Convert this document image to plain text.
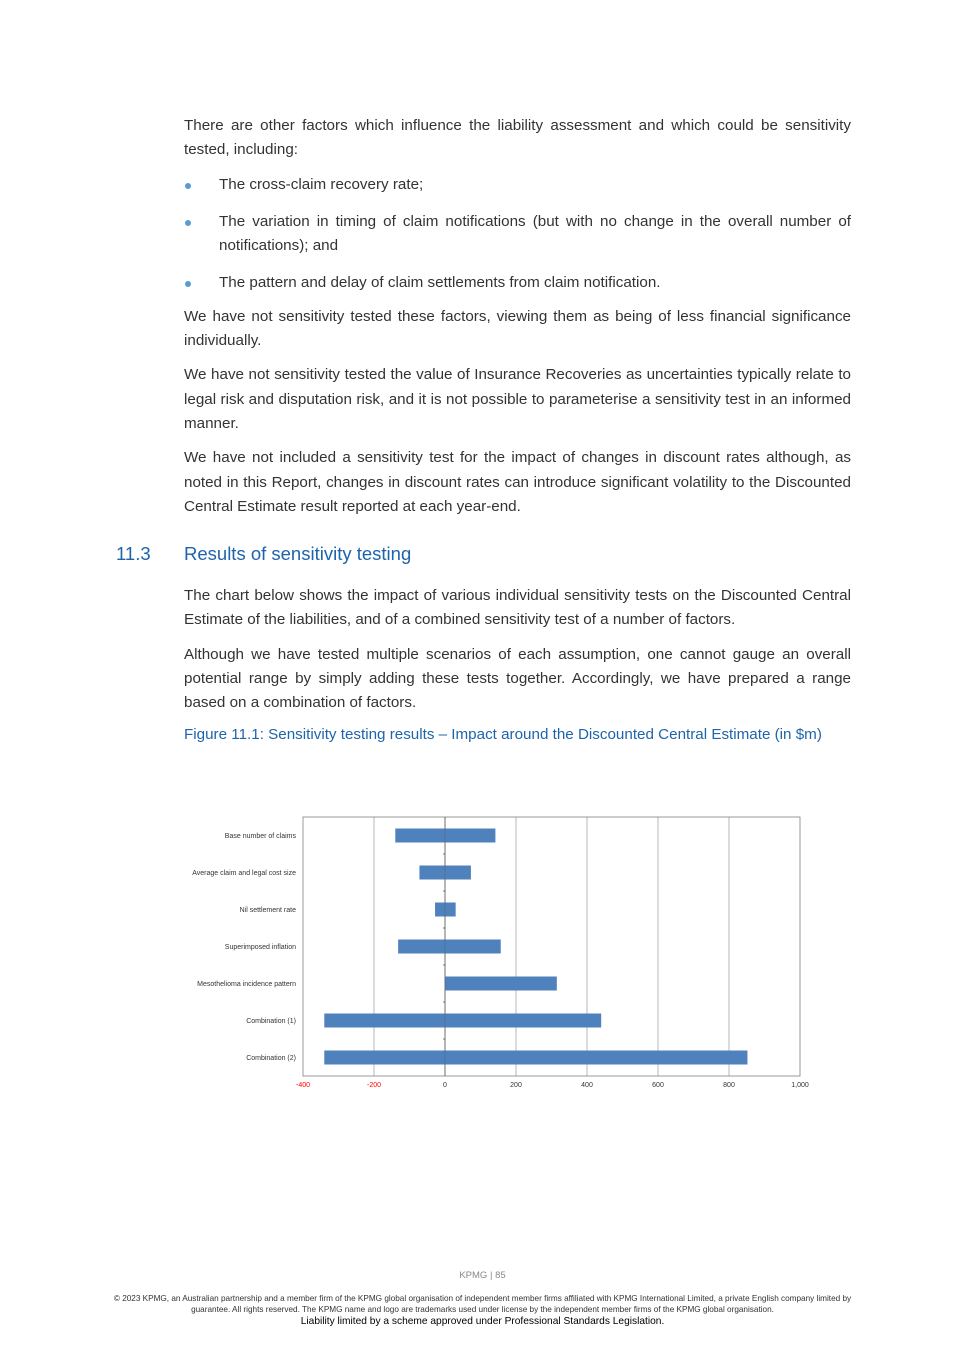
There are other factors which influence the liability assessment and which could be sensitivity tested, including:

The cross-claim recovery rate;
The variation in timing of claim notifications (but with no change in the overall number of notifications); and
The pattern and delay of claim settlements from claim notification.

We have not sensitivity tested these factors, viewing them as being of less financial significance individually.

We have not sensitivity tested the value of Insurance Recoveries as uncertainties typically relate to legal risk and disputation risk, and it is not possible to parameterise a sensitivity test in an informed manner.

We have not included a sensitivity test for the impact of changes in discount rates although, as noted in this Report, changes in discount rates can introduce significant volatility to the Discounted Central Estimate result reported at each year-end.

11.3 Results of sensitivity testing

The chart below shows the impact of various individual sensitivity tests on the Discounted Central Estimate of the liabilities, and of a combined sensitivity test of a number of factors.

Although we have tested multiple scenarios of each assumption, one cannot gauge an overall potential range by simply adding these tests together. Accordingly, we have prepared a range based on a combination of factors.

Figure 11.1: Sensitivity testing results – Impact around the Discounted Central Estimate (in $m)

Base number of claims
Average claim and legal cost size
Nil settlement rate
Superimposed inflation
Mesothelioma incidence pattern
Combination (1)
Combination (2)
-400	-200	0	200	400	600	800	1,000
KPMG | 85
© 2023 KPMG, an Australian partnership and a member firm of the KPMG global organisation of independent member firms affiliated with KPMG International Limited, a private English company limited by guarantee. All rights reserved. The KPMG name and logo are trademarks used under license by the independent member firms of the KPMG global organisation.
Liability limited by a scheme approved under Professional Standards Legislation.
